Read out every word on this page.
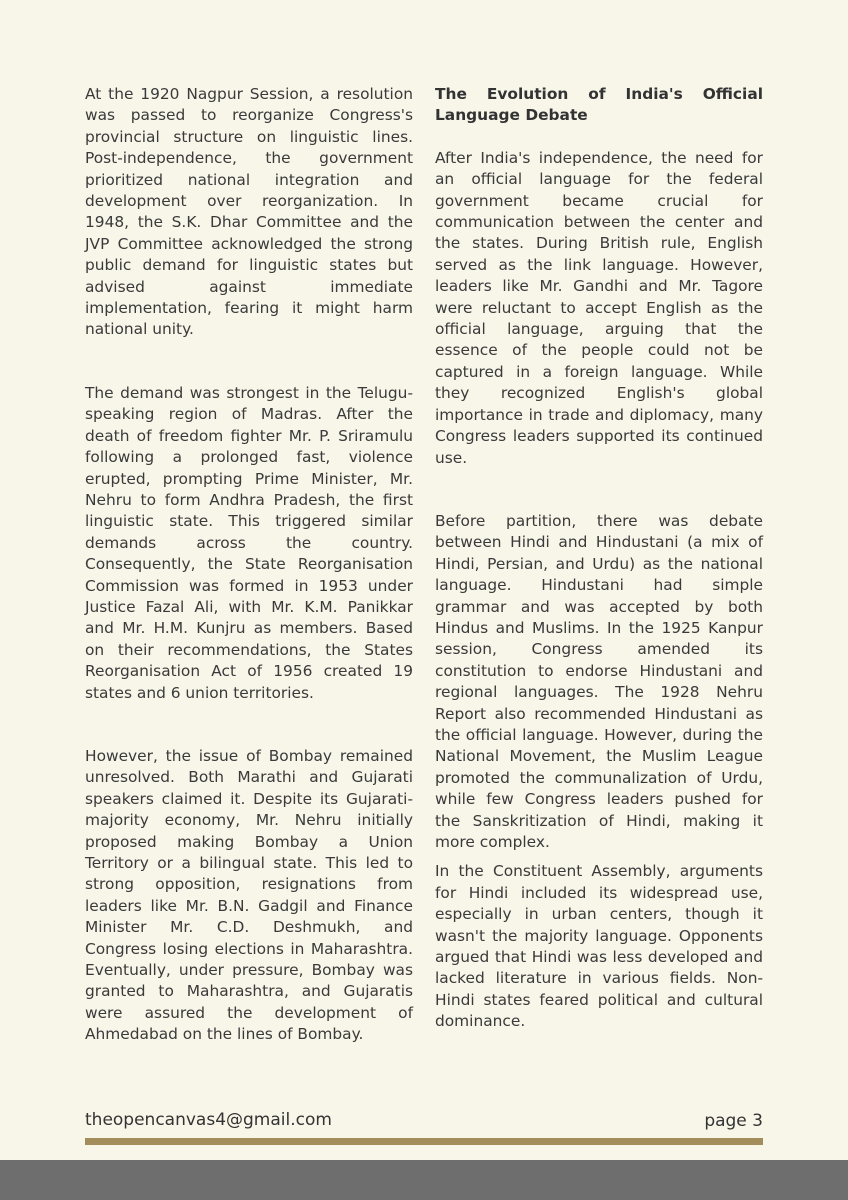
At the 1920 Nagpur Session, a resolution was passed to reorganize Congress's provincial structure on linguistic lines. Post-independence, the government prioritized national integration and development over reorganization. In 1948, the S.K. Dhar Committee and the JVP Committee acknowledged the strong public demand for linguistic states but advised against immediate implementation, fearing it might harm national unity.

The demand was strongest in the Telugu-speaking region of Madras. After the death of freedom fighter Mr. P. Sriramulu following a prolonged fast, violence erupted, prompting Prime Minister, Mr. Nehru to form Andhra Pradesh, the first linguistic state. This triggered similar demands across the country. Consequently, the State Reorganisation Commission was formed in 1953 under Justice Fazal Ali, with Mr. K.M. Panikkar and Mr. H.M. Kunjru as members. Based on their recommendations, the States Reorganisation Act of 1956 created 19 states and 6 union territories.

However, the issue of Bombay remained unresolved. Both Marathi and Gujarati speakers claimed it. Despite its Gujarati-majority economy, Mr. Nehru initially proposed making Bombay a Union Territory or a bilingual state. This led to strong opposition, resignations from leaders like Mr. B.N. Gadgil and Finance Minister Mr. C.D. Deshmukh, and Congress losing elections in Maharashtra. Eventually, under pressure, Bombay was granted to Maharashtra, and Gujaratis were assured the development of Ahmedabad on the lines of Bombay.

The Evolution of India's Official Language Debate

After India's independence, the need for an official language for the federal government became crucial for communication between the center and the states. During British rule, English served as the link language. However, leaders like Mr. Gandhi and Mr. Tagore were reluctant to accept English as the official language, arguing that the essence of the people could not be captured in a foreign language. While they recognized English's global importance in trade and diplomacy, many Congress leaders supported its continued use.

Before partition, there was debate between Hindi and Hindustani (a mix of Hindi, Persian, and Urdu) as the national language. Hindustani had simple grammar and was accepted by both Hindus and Muslims. In the 1925 Kanpur session, Congress amended its constitution to endorse Hindustani and regional languages. The 1928 Nehru Report also recommended Hindustani as the official language. However, during the National Movement, the Muslim League promoted the communalization of Urdu, while few Congress leaders pushed for the Sanskritization of Hindi, making it more complex.

In the Constituent Assembly, arguments for Hindi included its widespread use, especially in urban centers, though it wasn't the majority language. Opponents argued that Hindi was less developed and lacked literature in various fields. Non-Hindi states feared political and cultural dominance.

theopencanvas4@gmail.com	page 3
